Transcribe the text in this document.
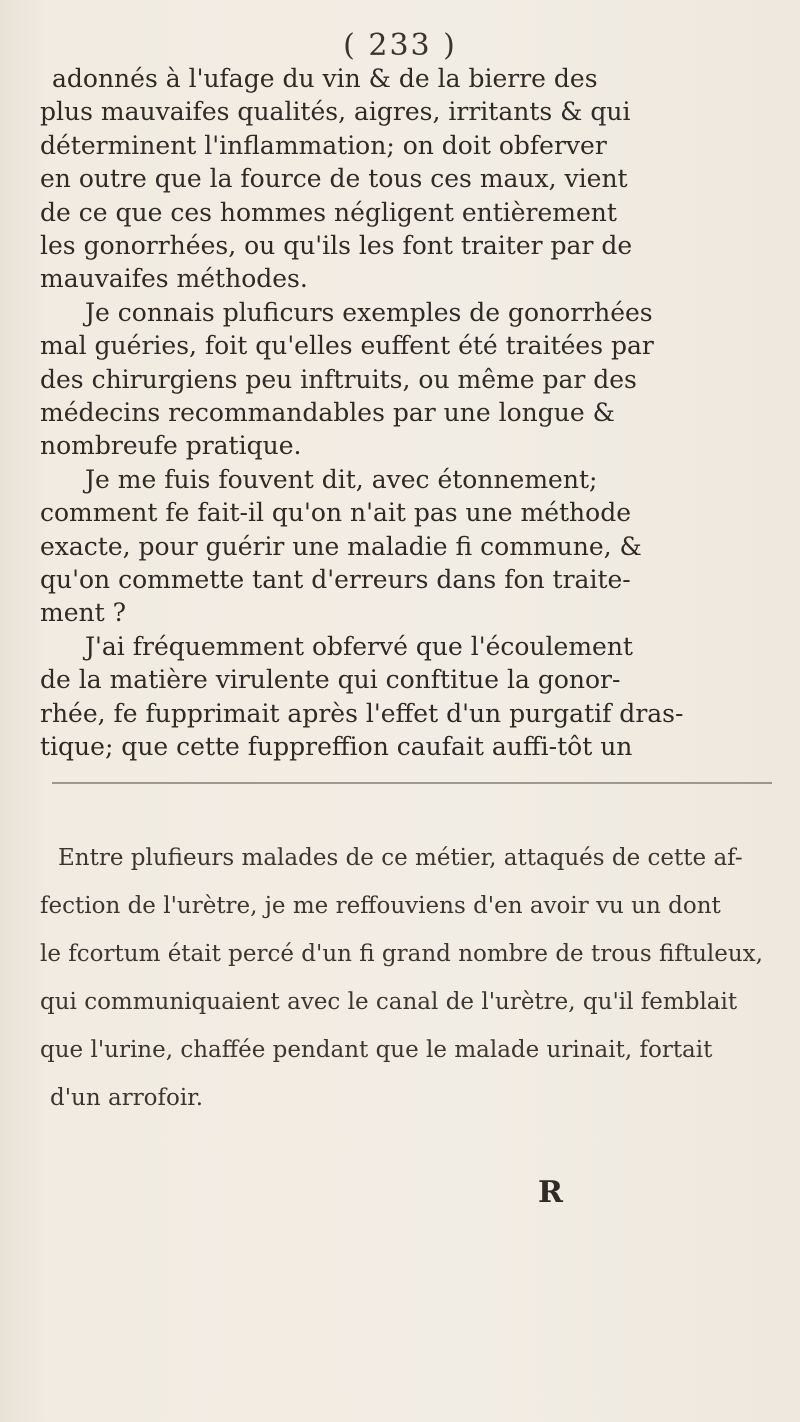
( 233 )
adonnés à l'ufage du vin & de la bierre des
plus mauvaifes qualités, aigres, irritants & qui
déterminent l'inflammation; on doit obferver
en outre que la fource de tous ces maux, vient
de ce que ces hommes négligent entièrement
les gonorrhées, ou qu'ils les font traiter par de
mauvaifes méthodes.
Je connais pluficurs exemples de gonorrhées
mal guéries, foit qu'elles euffent été traitées par
des chirurgiens peu inftruits, ou même par des
médecins recommandables par une longue &
nombreufe pratique.
Je me fuis fouvent dit, avec étonnement;
comment fe fait-il qu'on n'ait pas une méthode
exacte, pour guérir une maladie fi commune, &
qu'on commette tant d'erreurs dans fon traite-
ment ?
J'ai fréquemment obfervé que l'écoulement
de la matière virulente qui conftitue la gonor-
rhée, fe fupprimait après l'effet d'un purgatif dras-
tique; que cette fuppreffion caufait auffi-tôt un
Entre plufieurs malades de ce métier, attaqués de cette af-
fection de l'urètre, je me reffouviens d'en avoir vu un dont
le fcortum était percé d'un fi grand nombre de trous fiftuleux,
qui communiquaient avec le canal de l'urètre, qu'il femblait
que l'urine, chaffée pendant que le malade urinait, fortait
d'un arrofoir.
R
